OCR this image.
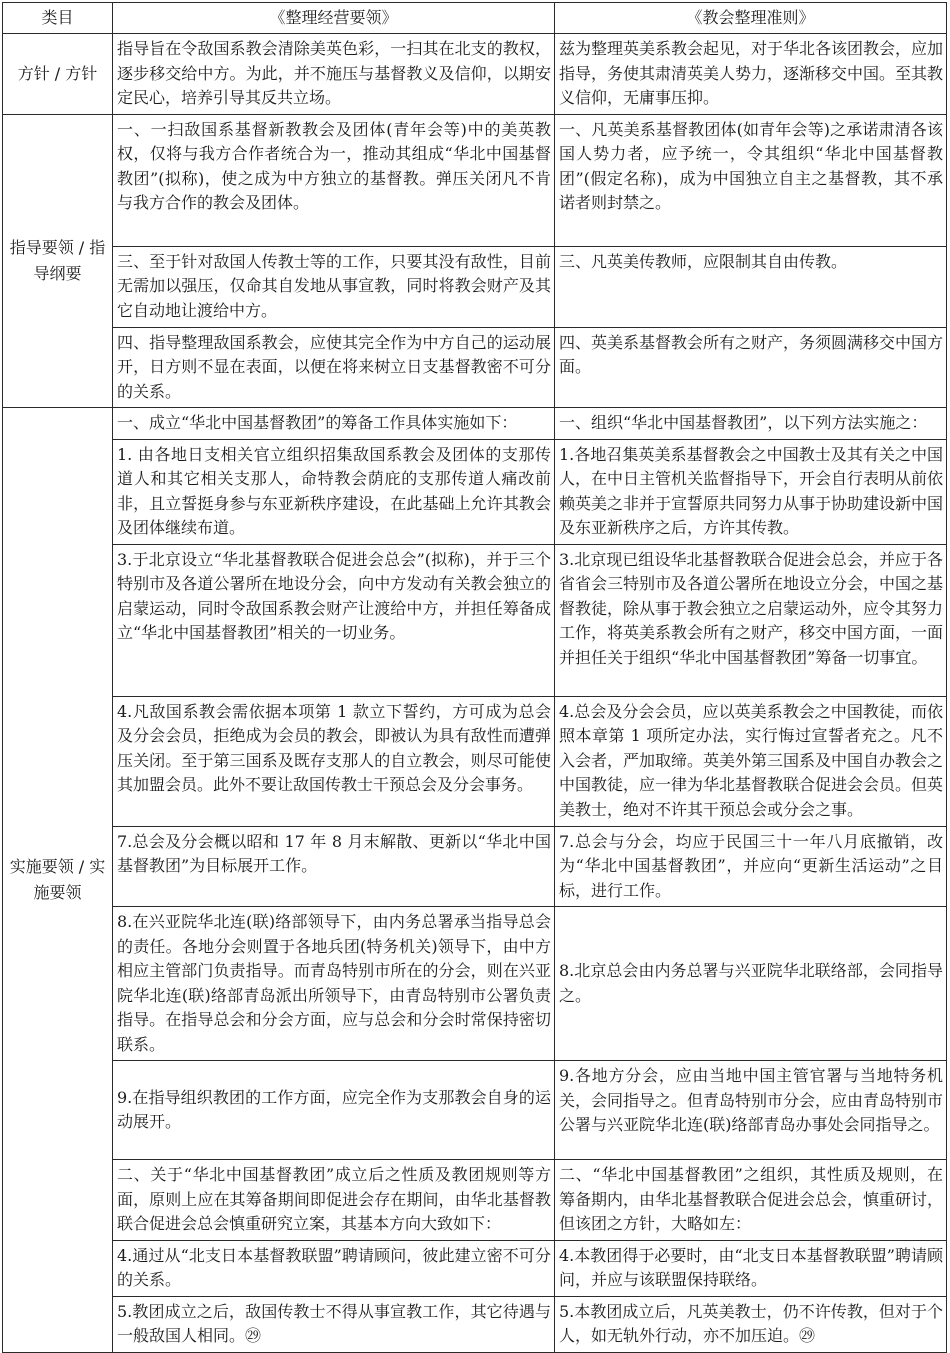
类目	《整理经营要领》	《教会整理准则》
方针 / 方针	指导旨在令敌国系教会清除美英色彩，一扫其在北支的教权，逐步移交给中方。为此，并不施压与基督教义及信仰，以期安定民心，培养引导其反共立场。	兹为整理英美系教会起见，对于华北各该团教会，应加指导，务使其肃清英美人势力，逐渐移交中国。至其教义信仰，无庸事压抑。
指导要领 / 指导纲要	一、一扫敌国系基督新教教会及团体(青年会等)中的美英教权，仅将与我方合作者统合为一，推动其组成“华北中国基督教团”(拟称)，使之成为中方独立的基督教。弹压关闭凡不肯与我方合作的教会及团体。	一、凡英美系基督教团体(如青年会等)之承诺肃清各该国人势力者，应予统一，令其组织“华北中国基督教团”(假定名称)，成为中国独立自主之基督教，其不承诺者则封禁之。
	三、至于针对敌国人传教士等的工作，只要其没有敌性，目前无需加以强压，仅命其自发地从事宣教，同时将教会财产及其它自动地让渡给中方。	三、凡英美传教师，应限制其自由传教。
	四、指导整理敌国系教会，应使其完全作为中方自己的运动展开，日方则不显在表面，以便在将来树立日支基督教密不可分的关系。	四、英美系基督教会所有之财产，务须圆满移交中国方面。
实施要领 / 实施要领	一、成立“华北中国基督教团”的筹备工作具体实施如下：	一、组织“华北中国基督教团”，以下列方法实施之：
	1. 由各地日支相关官立组织招集敌国系教会及团体的支那传道人和其它相关支那人，命特教会荫庇的支那传道人痛改前非，且立誓挺身参与东亚新秩序建设，在此基础上允许其教会及团体继续布道。	1.各地召集英美系基督教会之中国教士及其有关之中国人，在中日主管机关监督指导下，开会自行表明从前依赖英美之非并于宣誓原共同努力从事于协助建设新中国及东亚新秩序之后，方许其传教。
	3.于北京设立“华北基督教联合促进会总会”(拟称)，并于三个特别市及各道公署所在地设分会，向中方发动有关教会独立的启蒙运动，同时令敌国系教会财产让渡给中方，并担任筹备成立“华北中国基督教团”相关的一切业务。	3.北京现已组设华北基督教联合促进会总会，并应于各省省会三特别市及各道公署所在地设立分会，中国之基督教徒，除从事于教会独立之启蒙运动外，应令其努力工作，将英美系教会所有之财产，移交中国方面，一面并担任关于组织“华北中国基督教团”筹备一切事宜。
	4.凡敌国系教会需依据本项第 1 款立下誓约，方可成为总会及分会会员，拒绝成为会员的教会，即被认为具有敌性而遭弹压关闭。至于第三国系及既存支那人的自立教会，则尽可能使其加盟会员。此外不要让敌国传教士干预总会及分会事务。	4.总会及分会会员，应以英美系教会之中国教徒，而依照本章第 1 项所定办法，实行悔过宣誓者充之。凡不入会者，严加取缔。英美外第三国系及中国自办教会之中国教徒，应一律为华北基督教联合促进会会员。但英美教士，绝对不许其干预总会或分会之事。
	7.总会及分会概以昭和 17 年 8 月末解散、更新以“华北中国基督教团”为目标展开工作。	7.总会与分会，均应于民国三十一年八月底撤销，改为“华北中国基督教团”，并应向“更新生活运动”之目标，进行工作。
	8.在兴亚院华北连(联)络部领导下，由内务总署承当指导总会的责任。各地分会则置于各地兵团(特务机关)领导下，由中方相应主管部门负责指导。而青岛特别市所在的分会，则在兴亚院华北连(联)络部青岛派出所领导下，由青岛特别市公署负责指导。在指导总会和分会方面，应与总会和分会时常保持密切联系。	8.北京总会由内务总署与兴亚院华北联络部，会同指导之。
	9.在指导组织教团的工作方面，应完全作为支那教会自身的运动展开。	9.各地方分会，应由当地中国主管官署与当地特务机关，会同指导之。但青岛特别市分会，应由青岛特别市公署与兴亚院华北连(联)络部青岛办事处会同指导之。
	二、关于“华北中国基督教团”成立后之性质及教团规则等方面，原则上应在其筹备期间即促进会存在期间，由华北基督教联合促进会总会慎重研究立案，其基本方向大致如下：	二、“华北中国基督教团”之组织，其性质及规则，在筹备期内，由华北基督教联合促进会总会，慎重研讨，但该团之方针，大略如左：
	4.通过从“北支日本基督教联盟”聘请顾问，彼此建立密不可分的关系。	4.本教团得于必要时，由“北支日本基督教联盟”聘请顾问，并应与该联盟保持联络。
	5.教团成立之后，敌国传教士不得从事宣教工作，其它待遇与一般敌国人相同。㉙	5.本教团成立后，凡英美教士，仍不许传教，但对于个人，如无轨外行动，亦不加压迫。㉙
